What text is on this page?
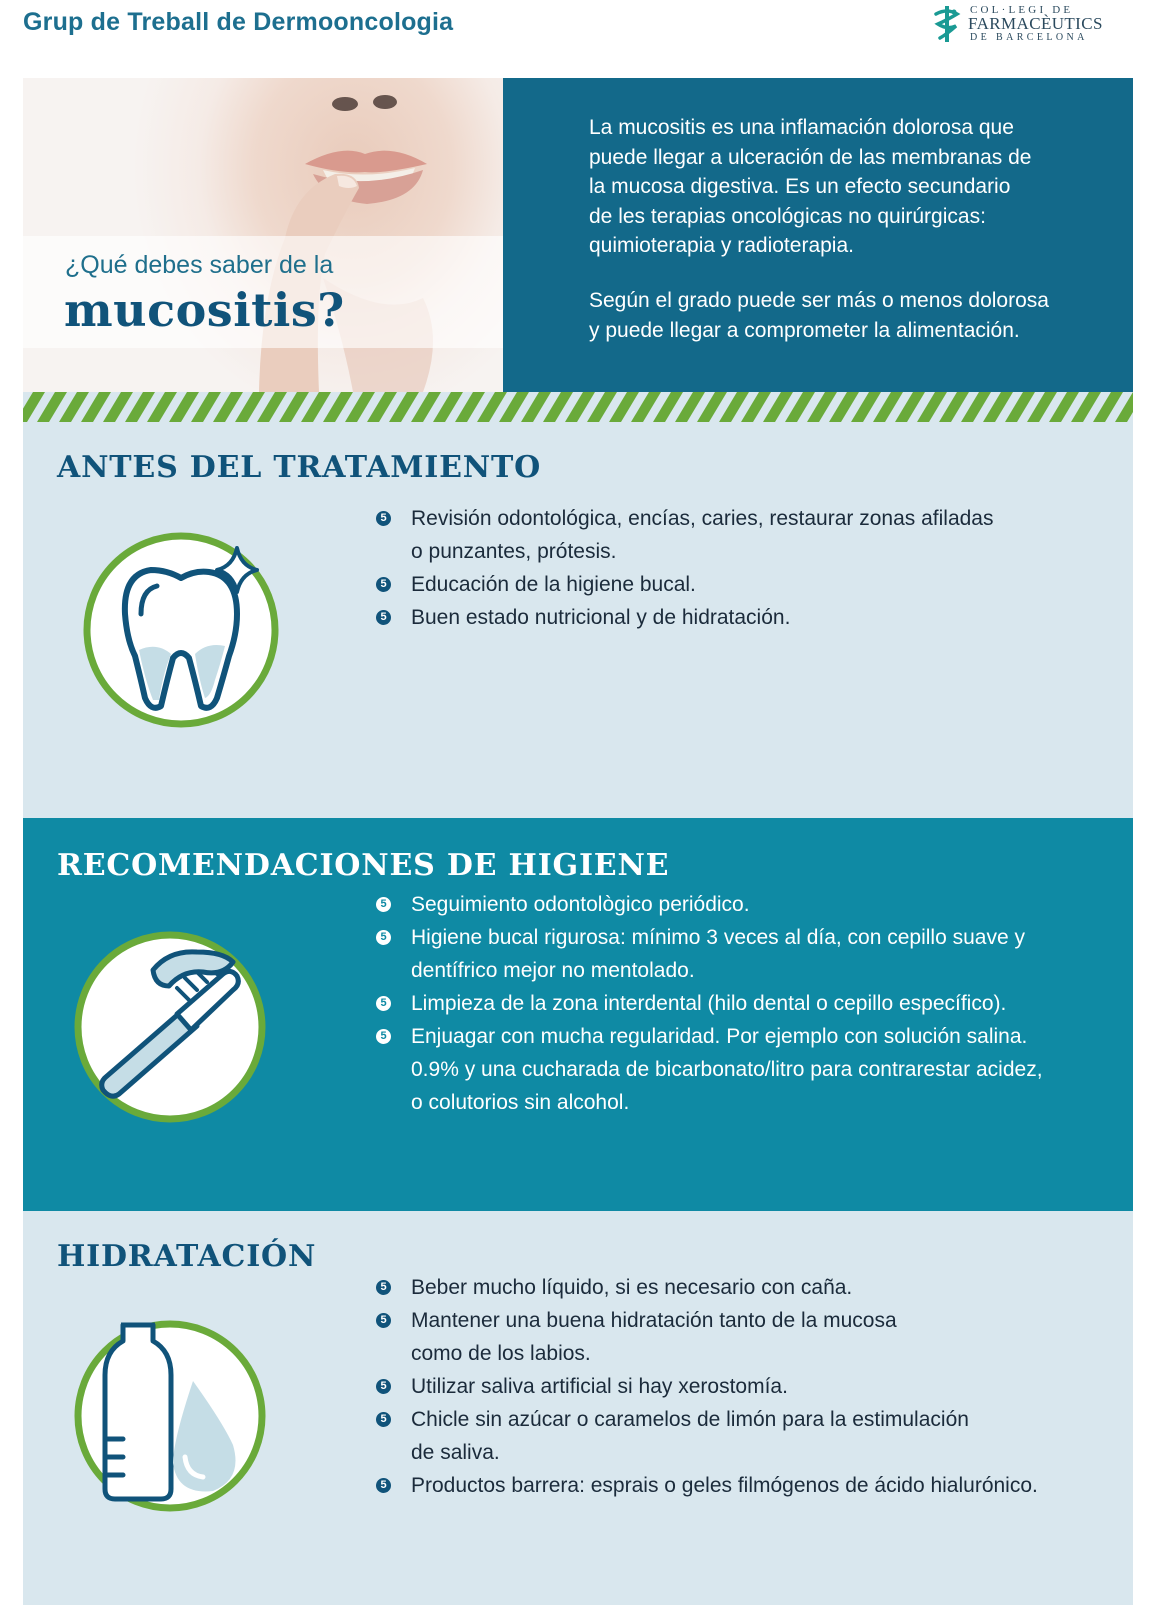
Grup de Treball de Dermooncologia	COL·LEGI DE
FARMACÈUTICS
DE BARCELONA
¿Qué debes saber de la
mucositis?
La mucositis es una inflamación dolorosa que
puede llegar a ulceración de las membranas de
la mucosa digestiva. Es un efecto secundario
de les terapias oncológicas no quirúrgicas:
quimioterapia y radioterapia.
Según el grado puede ser más o menos dolorosa
y puede llegar a comprometer la alimentación.
ANTES DEL TRATAMIENTO
5 Revisión odontológica, encías, caries, restaurar zonas afiladas
o punzantes, prótesis.
5 Educación de la higiene bucal.
5 Buen estado nutricional y de hidratación.
RECOMENDACIONES DE HIGIENE
5 Seguimiento odontològico periódico.
5 Higiene bucal rigurosa: mínimo 3 veces al día, con cepillo suave y
dentífrico mejor no mentolado.
5 Limpieza de la zona interdental (hilo dental o cepillo específico).
5 Enjuagar con mucha regularidad. Por ejemplo con solución salina.
0.9% y una cucharada de bicarbonato/litro para contrarestar acidez,
o colutorios sin alcohol.
HIDRATACIÓN
5 Beber mucho líquido, si es necesario con caña.
5 Mantener una buena hidratación tanto de la mucosa
como de los labios.
5 Utilizar saliva artificial si hay xerostomía.
5 Chicle sin azúcar o caramelos de limón para la estimulación
de saliva.
5 Productos barrera: esprais o geles filmógenos de ácido hialurónico.
